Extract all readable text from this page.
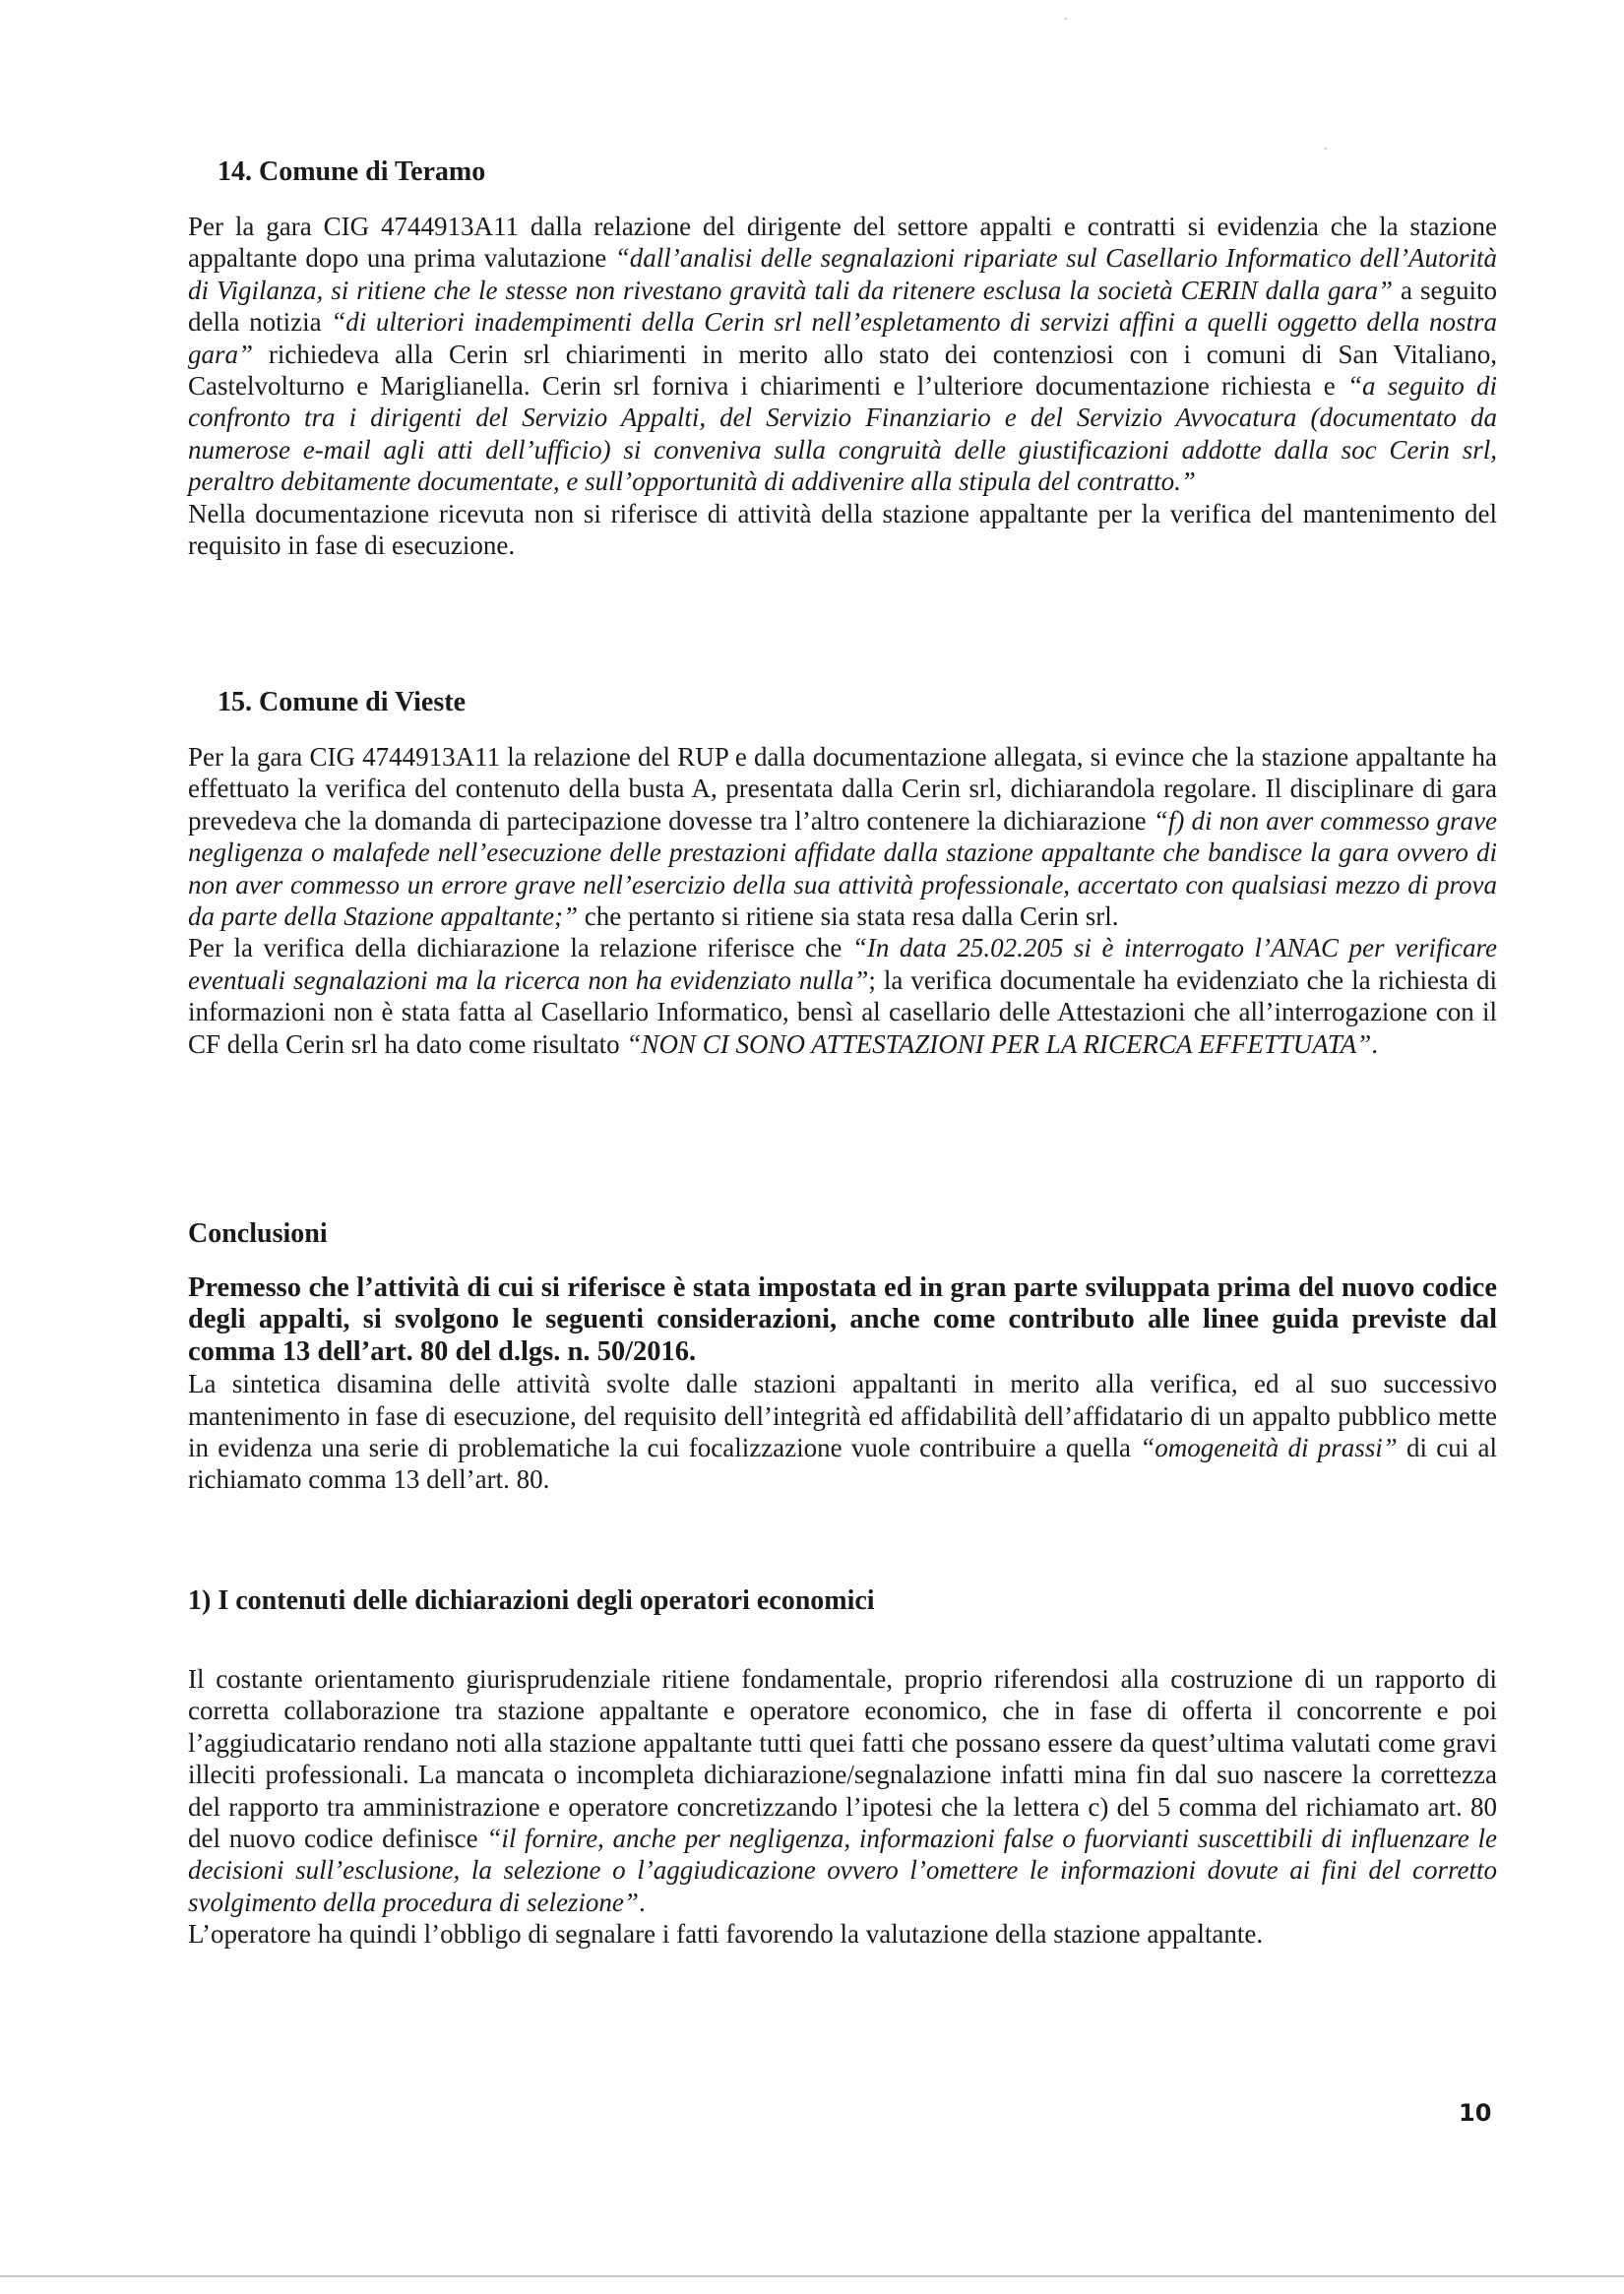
14. Comune di Teramo

Per la gara CIG 4744913A11 dalla relazione del dirigente del settore appalti e contratti si evidenzia che la stazione appaltante dopo una prima valutazione “dall’analisi delle segnalazioni ripariate sul Casellario Informatico dell’Autorità di Vigilanza, si ritiene che le stesse non rivestano gravità tali da ritenere esclusa la società CERIN dalla gara” a seguito della notizia “di ulteriori inadempimenti della Cerin srl nell’espletamento di servizi affini a quelli oggetto della nostra gara” richiedeva alla Cerin srl chiarimenti in merito allo stato dei contenziosi con i comuni di San Vitaliano, Castelvolturno e Mariglianella. Cerin srl forniva i chiarimenti e l’ulteriore documentazione richiesta e “a seguito di confronto tra i dirigenti del Servizio Appalti, del Servizio Finanziario e del Servizio Avvocatura (documentato da numerose e-mail agli atti dell’ufficio) si conveniva sulla congruità delle giustificazioni addotte dalla soc Cerin srl, peraltro debitamente documentate, e sull’opportunità di addivenire alla stipula del contratto.”

Nella documentazione ricevuta non si riferisce di attività della stazione appaltante per la verifica del mantenimento del requisito in fase di esecuzione.

15. Comune di Vieste

Per la gara CIG 4744913A11 la relazione del RUP e dalla documentazione allegata, si evince che la stazione appaltante ha effettuato la verifica del contenuto della busta A, presentata dalla Cerin srl, dichiarandola regolare. Il disciplinare di gara prevedeva che la domanda di partecipazione dovesse tra l’altro contenere la dichiarazione “f) di non aver commesso grave negligenza o malafede nell’esecuzione delle prestazioni affidate dalla stazione appaltante che bandisce la gara ovvero di non aver commesso un errore grave nell’esercizio della sua attività professionale, accertato con qualsiasi mezzo di prova da parte della Stazione appaltante;” che pertanto si ritiene sia stata resa dalla Cerin srl.

Per la verifica della dichiarazione la relazione riferisce che “In data 25.02.205 si è interrogato l’ANAC per verificare eventuali segnalazioni ma la ricerca non ha evidenziato nulla”; la verifica documentale ha evidenziato che la richiesta di informazioni non è stata fatta al Casellario Informatico, bensì al casellario delle Attestazioni che all’interrogazione con il CF della Cerin srl ha dato come risultato “NON CI SONO ATTESTAZIONI PER LA RICERCA EFFETTUATA”.

Conclusioni

Premesso che l’attività di cui si riferisce è stata impostata ed in gran parte sviluppata prima del nuovo codice degli appalti, si svolgono le seguenti considerazioni, anche come contributo alle linee guida previste dal comma 13 dell’art. 80 del d.lgs. n. 50/2016.

La sintetica disamina delle attività svolte dalle stazioni appaltanti in merito alla verifica, ed al suo successivo mantenimento in fase di esecuzione, del requisito dell’integrità ed affidabilità dell’affidatario di un appalto pubblico mette in evidenza una serie di problematiche la cui focalizzazione vuole contribuire a quella “omogeneità di prassi” di cui al richiamato comma 13 dell’art. 80.

1) I contenuti delle dichiarazioni degli operatori economici

Il costante orientamento giurisprudenziale ritiene fondamentale, proprio riferendosi alla costruzione di un rapporto di corretta collaborazione tra stazione appaltante e operatore economico, che in fase di offerta il concorrente e poi l’aggiudicatario rendano noti alla stazione appaltante tutti quei fatti che possano essere da quest’ultima valutati come gravi illeciti professionali. La mancata o incompleta dichiarazione/segnalazione infatti mina fin dal suo nascere la correttezza del rapporto tra amministrazione e operatore concretizzando l’ipotesi che la lettera c) del 5 comma del richiamato art. 80 del nuovo codice definisce “il fornire, anche per negligenza, informazioni false o fuorvianti suscettibili di influenzare le decisioni sull’esclusione, la selezione o l’aggiudicazione ovvero l’omettere le informazioni dovute ai fini del corretto svolgimento della procedura di selezione”.

L’operatore ha quindi l’obbligo di segnalare i fatti favorendo la valutazione della stazione appaltante.

10
